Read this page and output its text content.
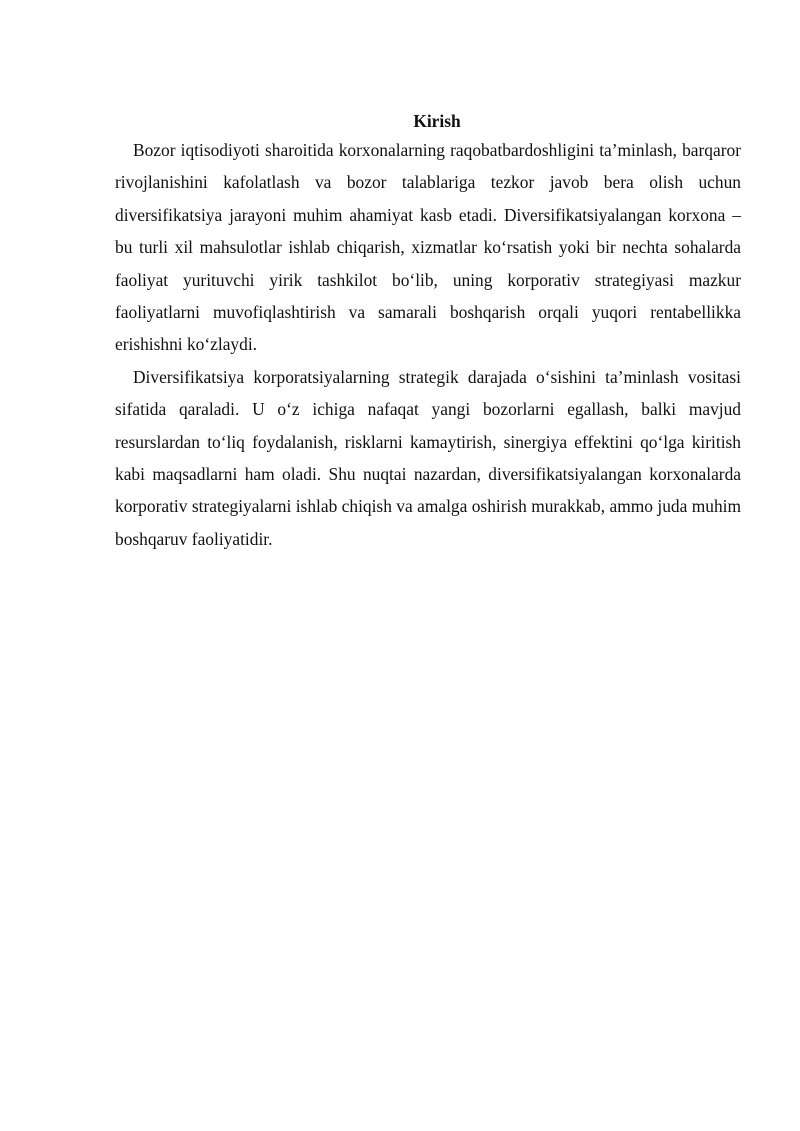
Kirish

Bozor iqtisodiyoti sharoitida korxonalarning raqobatbardoshligini ta’minlash, barqaror rivojlanishini kafolatlash va bozor talablariga tezkor javob bera olish uchun diversifikatsiya jarayoni muhim ahamiyat kasb etadi. Diversifikatsiyalangan korxona – bu turli xil mahsulotlar ishlab chiqarish, xizmatlar ko‘rsatish yoki bir nechta sohalarda faoliyat yurituvchi yirik tashkilot bo‘lib, uning korporativ strategiyasi mazkur faoliyatlarni muvofiqlashtirish va samarali boshqarish orqali yuqori rentabellikka erishishni ko‘zlaydi.

Diversifikatsiya korporatsiyalarning strategik darajada o‘sishini ta’minlash vositasi sifatida qaraladi. U o‘z ichiga nafaqat yangi bozorlarni egallash, balki mavjud resurslardan to‘liq foydalanish, risklarni kamaytirish, sinergiya effektini qo‘lga kiritish kabi maqsadlarni ham oladi. Shu nuqtai nazardan, diversifikatsiyalangan korxonalarda korporativ strategiyalarni ishlab chiqish va amalga oshirish murakkab, ammo juda muhim boshqaruv faoliyatidir.
